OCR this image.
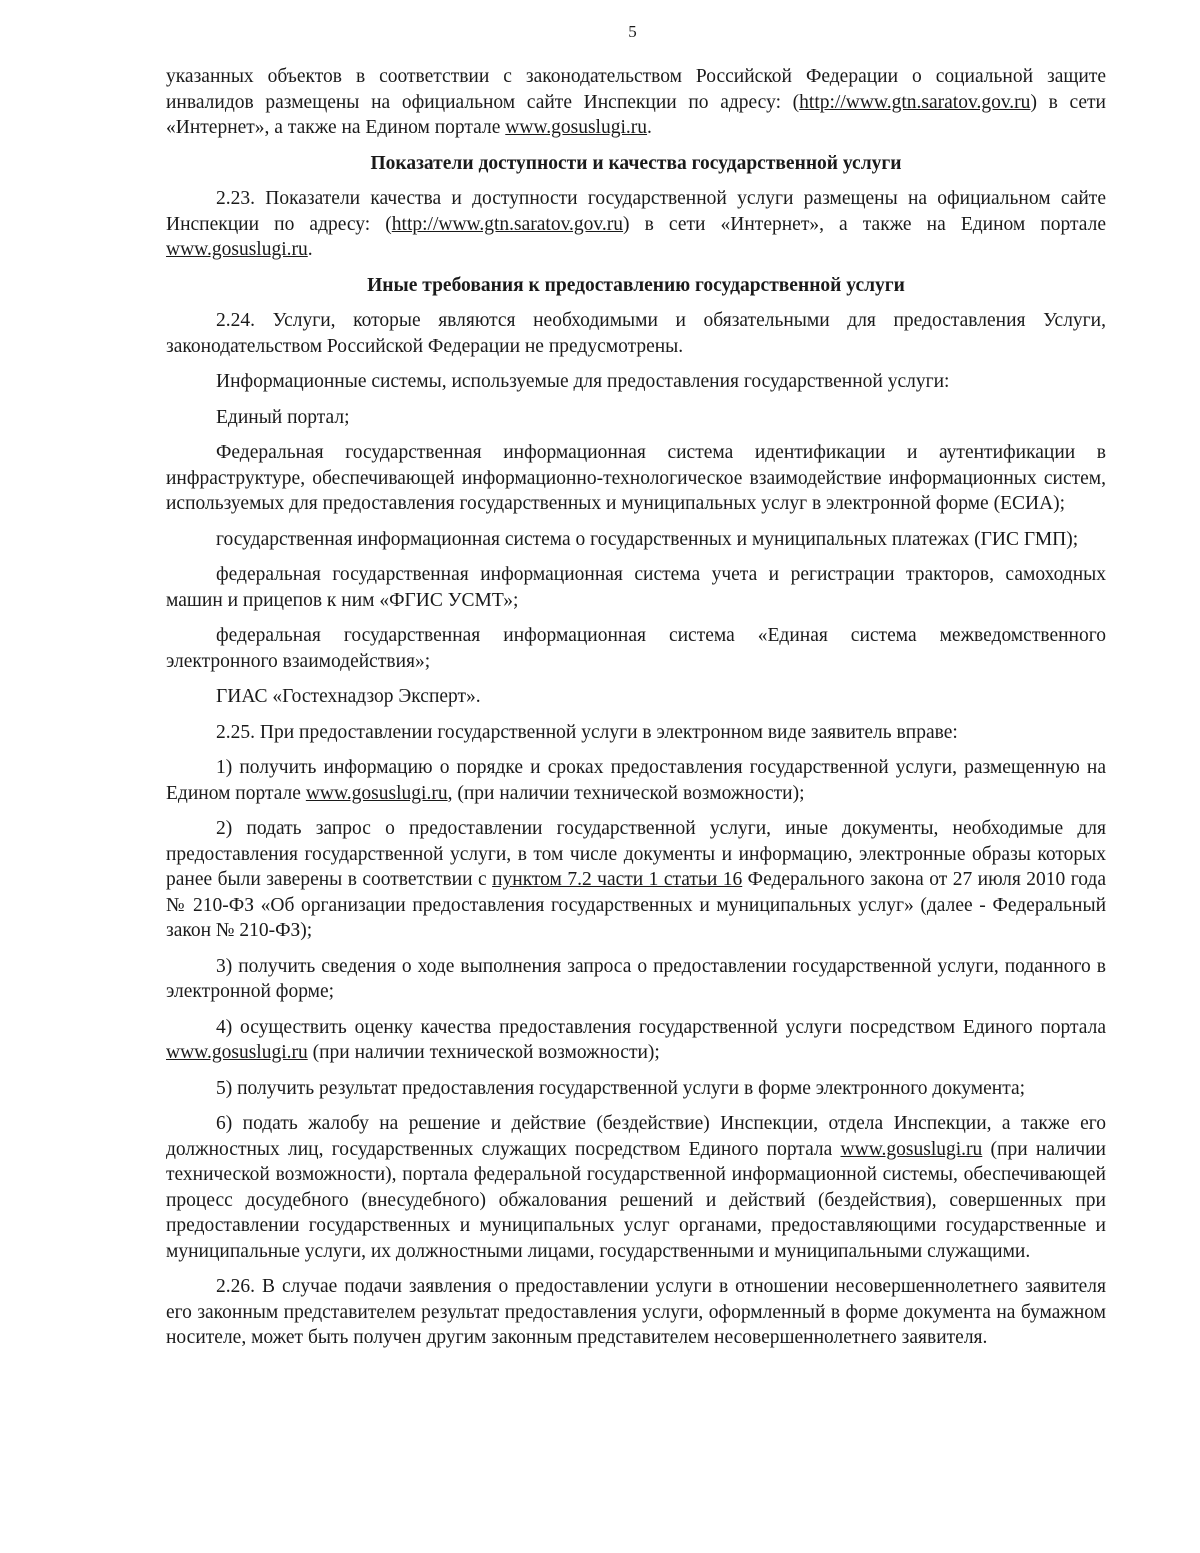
5

указанных объектов в соответствии с законодательством Российской Федерации о социальной защите инвалидов размещены на официальном сайте Инспекции по адресу: (http://www.gtn.saratov.gov.ru) в сети «Интернет», а также на Едином портале www.gosuslugi.ru.

Показатели доступности и качества государственной услуги

2.23. Показатели качества и доступности государственной услуги размещены на официальном сайте Инспекции по адресу: (http://www.gtn.saratov.gov.ru) в сети «Интернет», а также на Едином портале www.gosuslugi.ru.

Иные требования к предоставлению государственной услуги

2.24. Услуги, которые являются необходимыми и обязательными для предоставления Услуги, законодательством Российской Федерации не предусмотрены.

Информационные системы, используемые для предоставления государственной услуги:

Единый портал;

Федеральная государственная информационная система идентификации и аутентификации в инфраструктуре, обеспечивающей информационно-технологическое взаимодействие информационных систем, используемых для предоставления государственных и муниципальных услуг в электронной форме (ЕСИА);

государственная информационная система о государственных и муниципальных платежах (ГИС ГМП);

федеральная государственная информационная система учета и регистрации тракторов, самоходных машин и прицепов к ним «ФГИС УСМТ»;

федеральная государственная информационная система «Единая система межведомственного электронного взаимодействия»;

ГИАС «Гостехнадзор Эксперт».

2.25. При предоставлении государственной услуги в электронном виде заявитель вправе:

1) получить информацию о порядке и сроках предоставления государственной услуги, размещенную на Едином портале www.gosuslugi.ru, (при наличии технической возможности);

2) подать запрос о предоставлении государственной услуги, иные документы, необходимые для предоставления государственной услуги, в том числе документы и информацию, электронные образы которых ранее были заверены в соответствии с пунктом 7.2 части 1 статьи 16 Федерального закона от 27 июля 2010 года № 210-ФЗ «Об организации предоставления государственных и муниципальных услуг» (далее - Федеральный закон № 210-ФЗ);

3) получить сведения о ходе выполнения запроса о предоставлении государственной услуги, поданного в электронной форме;

4) осуществить оценку качества предоставления государственной услуги посредством Единого портала www.gosuslugi.ru (при наличии технической возможности);

5) получить результат предоставления государственной услуги в форме электронного документа;

6) подать жалобу на решение и действие (бездействие) Инспекции, отдела Инспекции, а также его должностных лиц, государственных служащих посредством Единого портала www.gosuslugi.ru (при наличии технической возможности), портала федеральной государственной информационной системы, обеспечивающей процесс досудебного (внесудебного) обжалования решений и действий (бездействия), совершенных при предоставлении государственных и муниципальных услуг органами, предоставляющими государственные и муниципальные услуги, их должностными лицами, государственными и муниципальными служащими.

2.26. В случае подачи заявления о предоставлении услуги в отношении несовершеннолетнего заявителя его законным представителем результат предоставления услуги, оформленный в форме документа на бумажном носителе, может быть получен другим законным представителем несовершеннолетнего заявителя.
